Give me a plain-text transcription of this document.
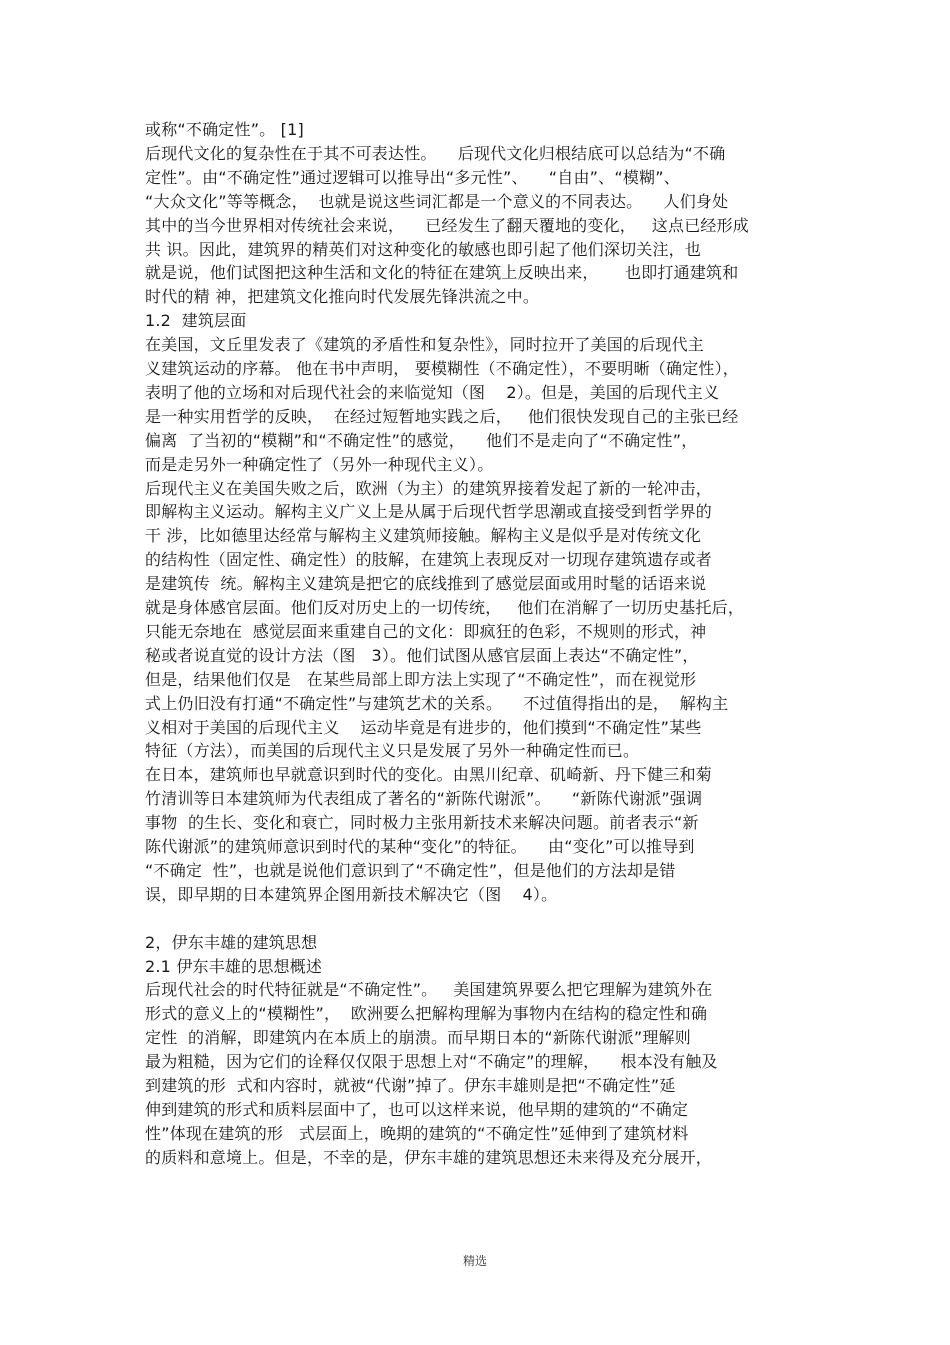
或称“不确定性”。 [1]
后现代文化的复杂性在于其不可表达性。    后现代文化归根结底可以总结为“不确
定性”。由“不确定性”通过逻辑可以推导出“多元性”、    “自由”、“模糊”、
“大众文化”等等概念，  也就是说这些词汇都是一个意义的不同表达。    人们身处
其中的当今世界相对传统社会来说，    已经发生了翻天覆地的变化，   这点已经形成
共 识。因此，建筑界的精英们对这种变化的敏感也即引起了他们深切关注，也
就是说，他们试图把这种生活和文化的特征在建筑上反映出来，     也即打通建筑和
时代的精 神，把建筑文化推向时代发展先锋洪流之中。
1.2  建筑层面
在美国，文丘里发表了《建筑的矛盾性和复杂性》，同时拉开了美国的后现代主
义建筑运动的序幕。 他在书中声明， 要模糊性（不确定性），不要明晰（确定性），
表明了他的立场和对后现代社会的来临觉知（图    2）。但是，美国的后现代主义
是一种实用哲学的反映，  在经过短暂地实践之后，   他们很快发现自己的主张已经
偏离  了当初的“模糊”和“不确定性”的感觉，    他们不是走向了“不确定性”，
而是走另外一种确定性了（另外一种现代主义）。
后现代主义在美国失败之后，欧洲（为主）的建筑界接着发起了新的一轮冲击，
即解构主义运动。解构主义广义上是从属于后现代哲学思潮或直接受到哲学界的
干 涉，比如德里达经常与解构主义建筑师接触。解构主义是似乎是对传统文化
的结构性（固定性、确定性）的肢解，在建筑上表现反对一切现存建筑遗存或者
是建筑传  统。解构主义建筑是把它的底线推到了感觉层面或用时髦的话语来说
就是身体感官层面。他们反对历史上的一切传统，   他们在消解了一切历史基托后，
只能无奈地在  感觉层面来重建自己的文化：即疯狂的色彩，不规则的形式，神
秘或者说直觉的设计方法（图   3）。他们试图从感官层面上表达“不确定性”，
但是，结果他们仅是   在某些局部上即方法上实现了“不确定性”，而在视觉形
式上仍旧没有打通“不确定性”与建筑艺术的关系。    不过值得指出的是，  解构主
义相对于美国的后现代主义    运动毕竟是有进步的，他们摸到“不确定性”某些
特征（方法），而美国的后现代主义只是发展了另外一种确定性而已。
在日本，建筑师也早就意识到时代的变化。由黑川纪章、矶崎新、丹下健三和菊
竹清训等日本建筑师为代表组成了著名的“新陈代谢派”。    “新陈代谢派”强调
事物  的生长、变化和衰亡，同时极力主张用新技术来解决问题。前者表示“新
陈代谢派”的建筑师意识到时代的某种“变化”的特征。    由“变化”可以推导到
“不确定  性”，也就是说他们意识到了“不确定性”，但是他们的方法却是错
误，即早期的日本建筑界企图用新技术解决它（图    4）。
2，伊东丰雄的建筑思想
2.1 伊东丰雄的思想概述
后现代社会的时代特征就是“不确定性”。   美国建筑界要么把它理解为建筑外在
形式的意义上的“模糊性”，  欧洲要么把解构理解为事物内在结构的稳定性和确
定性  的消解，即建筑内在本质上的崩溃。而早期日本的“新陈代谢派”理解则
最为粗糙，因为它们的诠释仅仅限于思想上对“不确定”的理解，    根本没有触及
到建筑的形  式和内容时，就被“代谢”掉了。伊东丰雄则是把“不确定性”延
伸到建筑的形式和质料层面中了，也可以这样来说，他早期的建筑的“不确定
性”体现在建筑的形   式层面上，晚期的建筑的“不确定性”延伸到了建筑材料
的质料和意境上。但是，不幸的是，伊东丰雄的建筑思想还未来得及充分展开，
精选
